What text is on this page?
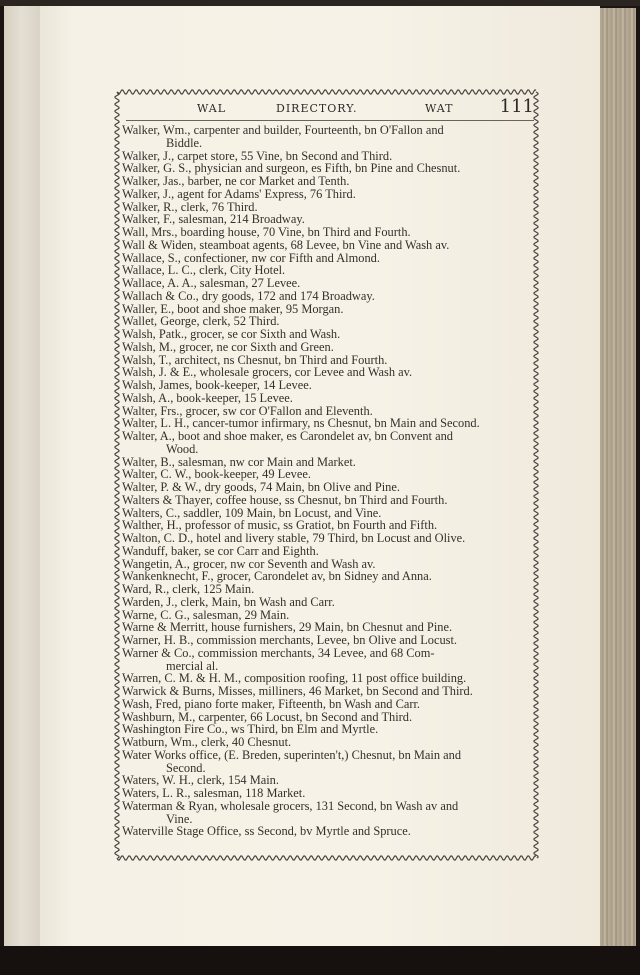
WAL	DIRECTORY.	WAT	111
Walker, Wm., carpenter and builder, Fourteenth, bn O'Fallon and
Biddle.
Walker, J., carpet store, 55 Vine, bn Second and Third.
Walker, G. S., physician and surgeon, es Fifth, bn Pine and Chesnut.
Walker, Jas., barber, ne cor Market and Tenth.
Walker, J., agent for Adams' Express, 76 Third.
Walker, R., clerk, 76 Third.
Walker, F., salesman, 214 Broadway.
Wall, Mrs., boarding house, 70 Vine, bn Third and Fourth.
Wall & Widen, steamboat agents, 68 Levee, bn Vine and Wash av.
Wallace, S., confectioner, nw cor Fifth and Almond.
Wallace, L. C., clerk, City Hotel.
Wallace, A. A., salesman, 27 Levee.
Wallach & Co., dry goods, 172 and 174 Broadway.
Waller, E., boot and shoe maker, 95 Morgan.
Wallet, George, clerk, 52 Third.
Walsh, Patk., grocer, se cor Sixth and Wash.
Walsh, M., grocer, ne cor Sixth and Green.
Walsh, T., architect, ns Chesnut, bn Third and Fourth.
Walsh, J. & E., wholesale grocers, cor Levee and Wash av.
Walsh, James, book-keeper, 14 Levee.
Walsh, A., book-keeper, 15 Levee.
Walter, Frs., grocer, sw cor O'Fallon and Eleventh.
Walter, L. H., cancer-tumor infirmary, ns Chesnut, bn Main and Second.
Walter, A., boot and shoe maker, es Carondelet av, bn Convent and
Wood.
Walter, B., salesman, nw cor Main and Market.
Walter, C. W., book-keeper, 49 Levee.
Walter, P. & W., dry goods, 74 Main, bn Olive and Pine.
Walters & Thayer, coffee house, ss Chesnut, bn Third and Fourth.
Walters, C., saddler, 109 Main, bn Locust, and Vine.
Walther, H., professor of music, ss Gratiot, bn Fourth and Fifth.
Walton, C. D., hotel and livery stable, 79 Third, bn Locust and Olive.
Wanduff, baker, se cor Carr and Eighth.
Wangetin, A., grocer, nw cor Seventh and Wash av.
Wankenknecht, F., grocer, Carondelet av, bn Sidney and Anna.
Ward, R., clerk, 125 Main.
Warden, J., clerk, Main, bn Wash and Carr.
Warne, C. G., salesman, 29 Main.
Warne & Merritt, house furnishers, 29 Main, bn Chesnut and Pine.
Warner, H. B., commission merchants, Levee, bn Olive and Locust.
Warner & Co., commission merchants, 34 Levee, and 68 Com-
mercial al.
Warren, C. M. & H. M., composition roofing, 11 post office building.
Warwick & Burns, Misses, milliners, 46 Market, bn Second and Third.
Wash, Fred, piano forte maker, Fifteenth, bn Wash and Carr.
Washburn, M., carpenter, 66 Locust, bn Second and Third.
Washington Fire Co., ws Third, bn Elm and Myrtle.
Watburn, Wm., clerk, 40 Chesnut.
Water Works office, (E. Breden, superinten't,) Chesnut, bn Main and
Second.
Waters, W. H., clerk, 154 Main.
Waters, L. R., salesman, 118 Market.
Waterman & Ryan, wholesale grocers, 131 Second, bn Wash av and
Vine.
Waterville Stage Office, ss Second, bv Myrtle and Spruce.
